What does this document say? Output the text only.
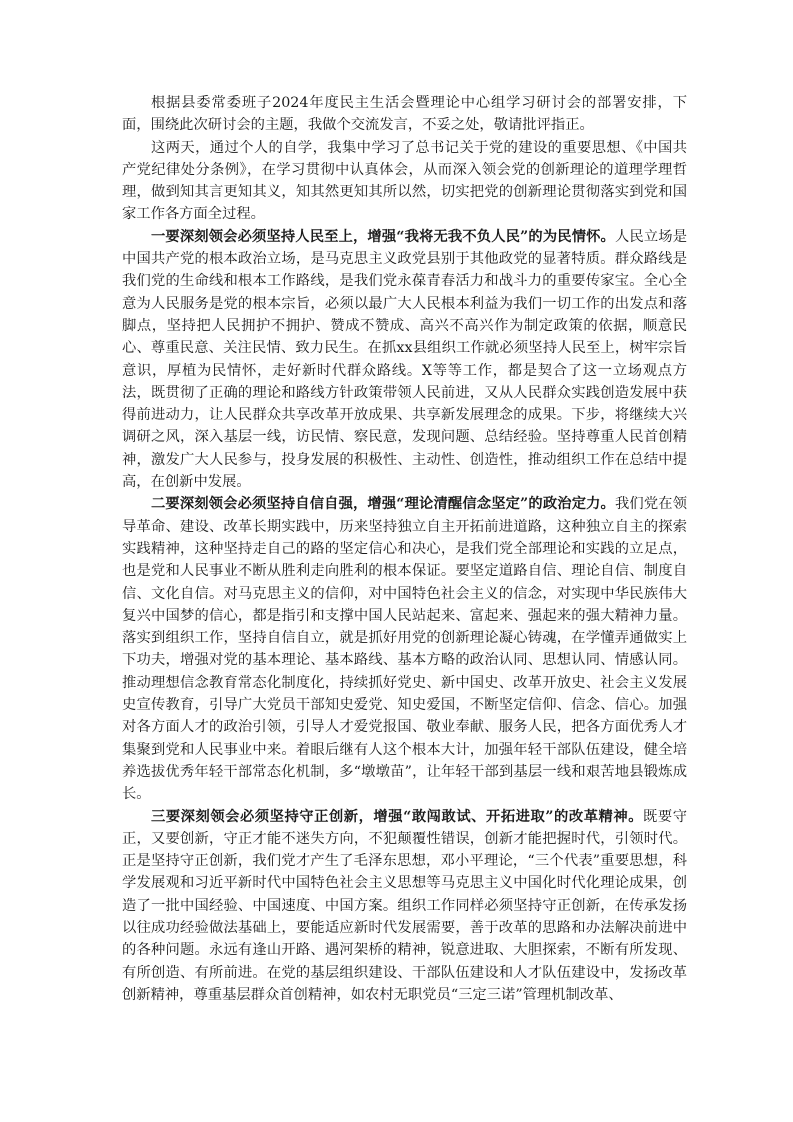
根据县委常委班子2024年度民主生活会暨理论中心组学习研讨会的部署安排，下面，围绕此次研讨会的主题，我做个交流发言，不妥之处，敬请批评指正。

这两天，通过个人的自学，我集中学习了总书记关于党的建设的重要思想、《中国共产党纪律处分条例》，在学习贯彻中认真体会，从而深入领会党的创新理论的道理学理哲理，做到知其言更知其义，知其然更知其所以然，切实把党的创新理论贯彻落实到党和国家工作各方面全过程。

一要深刻领会必须坚持人民至上，增强“我将无我不负人民”的为民情怀。人民立场是中国共产党的根本政治立场，是马克思主义政党县别于其他政党的显著特质。群众路线是我们党的生命线和根本工作路线，是我们党永葆青春活力和战斗力的重要传家宝。全心全意为人民服务是党的根本宗旨，必须以最广大人民根本利益为我们一切工作的出发点和落脚点，坚持把人民拥护不拥护、赞成不赞成、高兴不高兴作为制定政策的依据，顺意民心、尊重民意、关注民情、致力民生。在抓xx县组织工作就必须坚持人民至上，树牢宗旨意识，厚植为民情怀，走好新时代群众路线。X等等工作，都是契合了这一立场观点方法，既贯彻了正确的理论和路线方针政策带领人民前进，又从人民群众实践创造发展中获得前进动力，让人民群众共享改革开放成果、共享新发展理念的成果。下步，将继续大兴调研之风，深入基层一线，访民情、察民意，发现问题、总结经验。坚持尊重人民首创精神，激发广大人民参与，投身发展的积极性、主动性、创造性，推动组织工作在总结中提高，在创新中发展。

二要深刻领会必须坚持自信自强，增强“理论清醒信念坚定”的政治定力。我们党在领导革命、建设、改革长期实践中，历来坚持独立自主开拓前进道路，这种独立自主的探索实践精神，这种坚持走自己的路的坚定信心和决心，是我们党全部理论和实践的立足点，也是党和人民事业不断从胜利走向胜利的根本保证。要坚定道路自信、理论自信、制度自信、文化自信。对马克思主义的信仰，对中国特色社会主义的信念，对实现中华民族伟大复兴中国梦的信心，都是指引和支撑中国人民站起来、富起来、强起来的强大精神力量。落实到组织工作，坚持自信自立，就是抓好用党的创新理论凝心铸魂，在学懂弄通做实上下功夫，增强对党的基本理论、基本路线、基本方略的政治认同、思想认同、情感认同。推动理想信念教育常态化制度化，持续抓好党史、新中国史、改革开放史、社会主义发展史宣传教育，引导广大党员干部知史爱党、知史爱国，不断坚定信仰、信念、信心。加强对各方面人才的政治引领，引导人才爱党报国、敬业奉献、服务人民，把各方面优秀人才集聚到党和人民事业中来。着眼后继有人这个根本大计，加强年轻干部队伍建设，健全培养选拔优秀年轻干部常态化机制，多“墩墩苗”，让年轻干部到基层一线和艰苦地县锻炼成长。

三要深刻领会必须坚持守正创新，增强“敢闯敢试、开拓进取”的改革精神。既要守正，又要创新，守正才能不迷失方向，不犯颠覆性错误，创新才能把握时代，引领时代。正是坚持守正创新，我们党才产生了毛泽东思想，邓小平理论，“三个代表”重要思想，科学发展观和习近平新时代中国特色社会主义思想等马克思主义中国化时代化理论成果，创造了一批中国经验、中国速度、中国方案。组织工作同样必须坚持守正创新，在传承发扬以往成功经验做法基础上，要能适应新时代发展需要，善于改革的思路和办法解决前进中的各种问题。永远有逢山开路、遇河架桥的精神，锐意进取、大胆探索，不断有所发现、有所创造、有所前进。在党的基层组织建设、干部队伍建设和人才队伍建设中，发扬改革创新精神，尊重基层群众首创精神，如农村无职党员“三定三诺”管理机制改革、
